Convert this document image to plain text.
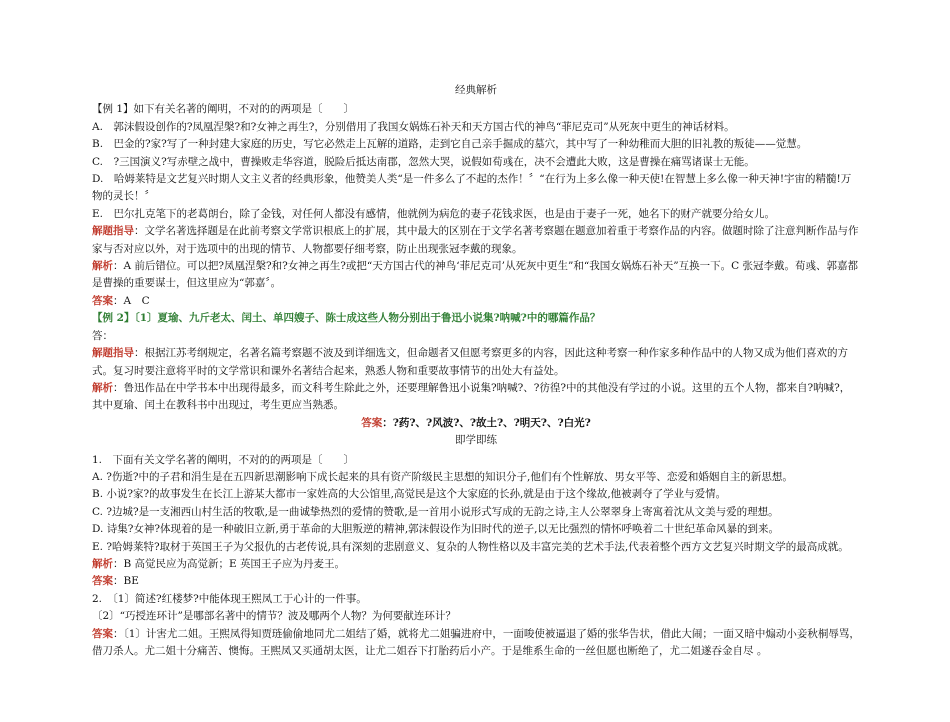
经典解析
【例 1】如下有关名著的阐明，不对的的两项是〔　　〕
A.　郭沫假设创作的?凤凰涅槃?和?女神之再生?，分别借用了我国女娲炼石补天和天方国古代的神鸟“菲尼克司”从死灰中更生的神话材料。
B.　巴金的?家?写了一种封建大家庭的历史，写它必然走上瓦解的道路，走到它自己亲手掘成的墓穴，其中写了一种幼稚而大胆的旧礼教的叛徒——觉慧。
C.　?三国演义?写赤壁之战中，曹操败走华容道，脱险后抵达南郡，忽然大哭，说假如荀彧在，决不会遭此大败，这是曹操在痛骂诸谋士无能。
D.　哈姆莱特是文艺复兴时期人文主义者的经典形象，他赞美人类“是一件多么了不起的杰作！〞“在行为上多么像一种天使!在智慧上多么像一种天神!宇宙的精髓!万物的灵长！〞
E.　巴尔扎克笔下的老葛朗台，除了金钱，对任何人都没有感情，他就例为病危的妻子花钱求医，也是由于妻子一死，她名下的财产就要分给女儿。
解题指导：文学名著选择题是在此前考察文学常识根底上的扩展，其中最大的区别在于文学名著考察题在题意加着重于考察作品的内容。做题时除了注意判断作品与作家与否对应以外，对于选项中的出现的情节、人物都要仔细考察，防止出现张冠李戴的现象。
解析：A 前后错位。可以把?凤凰涅槃?和?女神之再生?或把“天方国古代的神鸟‘菲尼克司’从死灰中更生”和“我国女娲炼石补天”互换一下。C 张冠李戴。荀彧、郭嘉都是曹操的重要谋士，但这里应为“郭嘉〞。
答案：A　C
【例 2】〔1〕夏瑜、九斤老太、闰土、单四嫂子、陈士成这些人物分别出于鲁迅小说集?呐喊?中的哪篇作品？
答：
解题指导：根据江苏考纲规定，名著名篇考察题不波及到详细选文，但命题者又但愿考察更多的内容，因此这种考察一种作家多种作品中的人物又成为他们喜欢的方式。复习时要注意将平时的文学常识和课外名著结合起来，熟悉人物和重要故事情节的出处大有益处。
解析：鲁迅作品在中学书本中出现得最多，而文科考生除此之外，还要理解鲁迅小说集?呐喊?、?彷徨?中的其他没有学过的小说。这里的五个人物，都来自?呐喊?，其中夏瑜、闰土在教科书中出现过，考生更应当熟悉。
答案：?药?、?风波?、?故土?、?明天?、?白光?
即学即练
1.　下面有关文学名著的阐明，不对的的两项是〔　　〕
A. ?伤逝?中的子君和涓生是在五四新思潮影响下成长起来的具有资产阶级民主思想的知识分子,他们有个性解放、男女平等、恋爱和婚姻自主的新思想。
B. 小说?家?的故事发生在长江上游某大都市一家姓高的大公馆里,高觉民是这个大家庭的长孙,就是由于这个缘故,他被剥夺了学业与爱情。
C. ?边城?是一支湘西山村生活的牧歌,是一曲诚挚热烈的爱情的赞歌,是一首用小说形式写成的无韵之诗,主人公翠翠身上寄寓着沈从文美与爱的理想。
D. 诗集?女神?体现着的是一种破旧立新,勇于革命的大胆叛逆的精神,郭沫假设作为旧时代的逆子,以无比强烈的情怀呼唤着二十世纪革命风暴的到来。
E. ?哈姆莱特?取材于英国王子为父报仇的古老传说,具有深刻的悲剧意义、复杂的人物性格以及丰富完美的艺术手法,代表着整个西方文艺复兴时期文学的最高成就。
解析：B 高觉民应为高觉新；E 英国王子应为丹麦王。
答案：BE
2.　〔1〕简述?红楼梦?中能体现王熙凤工于心计的一件事。
〔2〕“巧授连环计”是哪部名著中的情节？波及哪两个人物？为何要献连环计？
答案：〔1〕计害尤二姐。王熙凤得知贾琏偷偷地同尤二姐结了婚，就将尤二姐骗进府中，一面唆使被逼退了婚的张华告状，借此大闹；一面又暗中煽动小妾秋桐辱骂，借刀杀人。尤二姐十分痛苦、懊悔。王熙凤又买通胡太医，让尤二姐吞下打胎药后小产。于是维系生命的一丝但愿也断绝了，尤二姐遂吞金自尽 。
